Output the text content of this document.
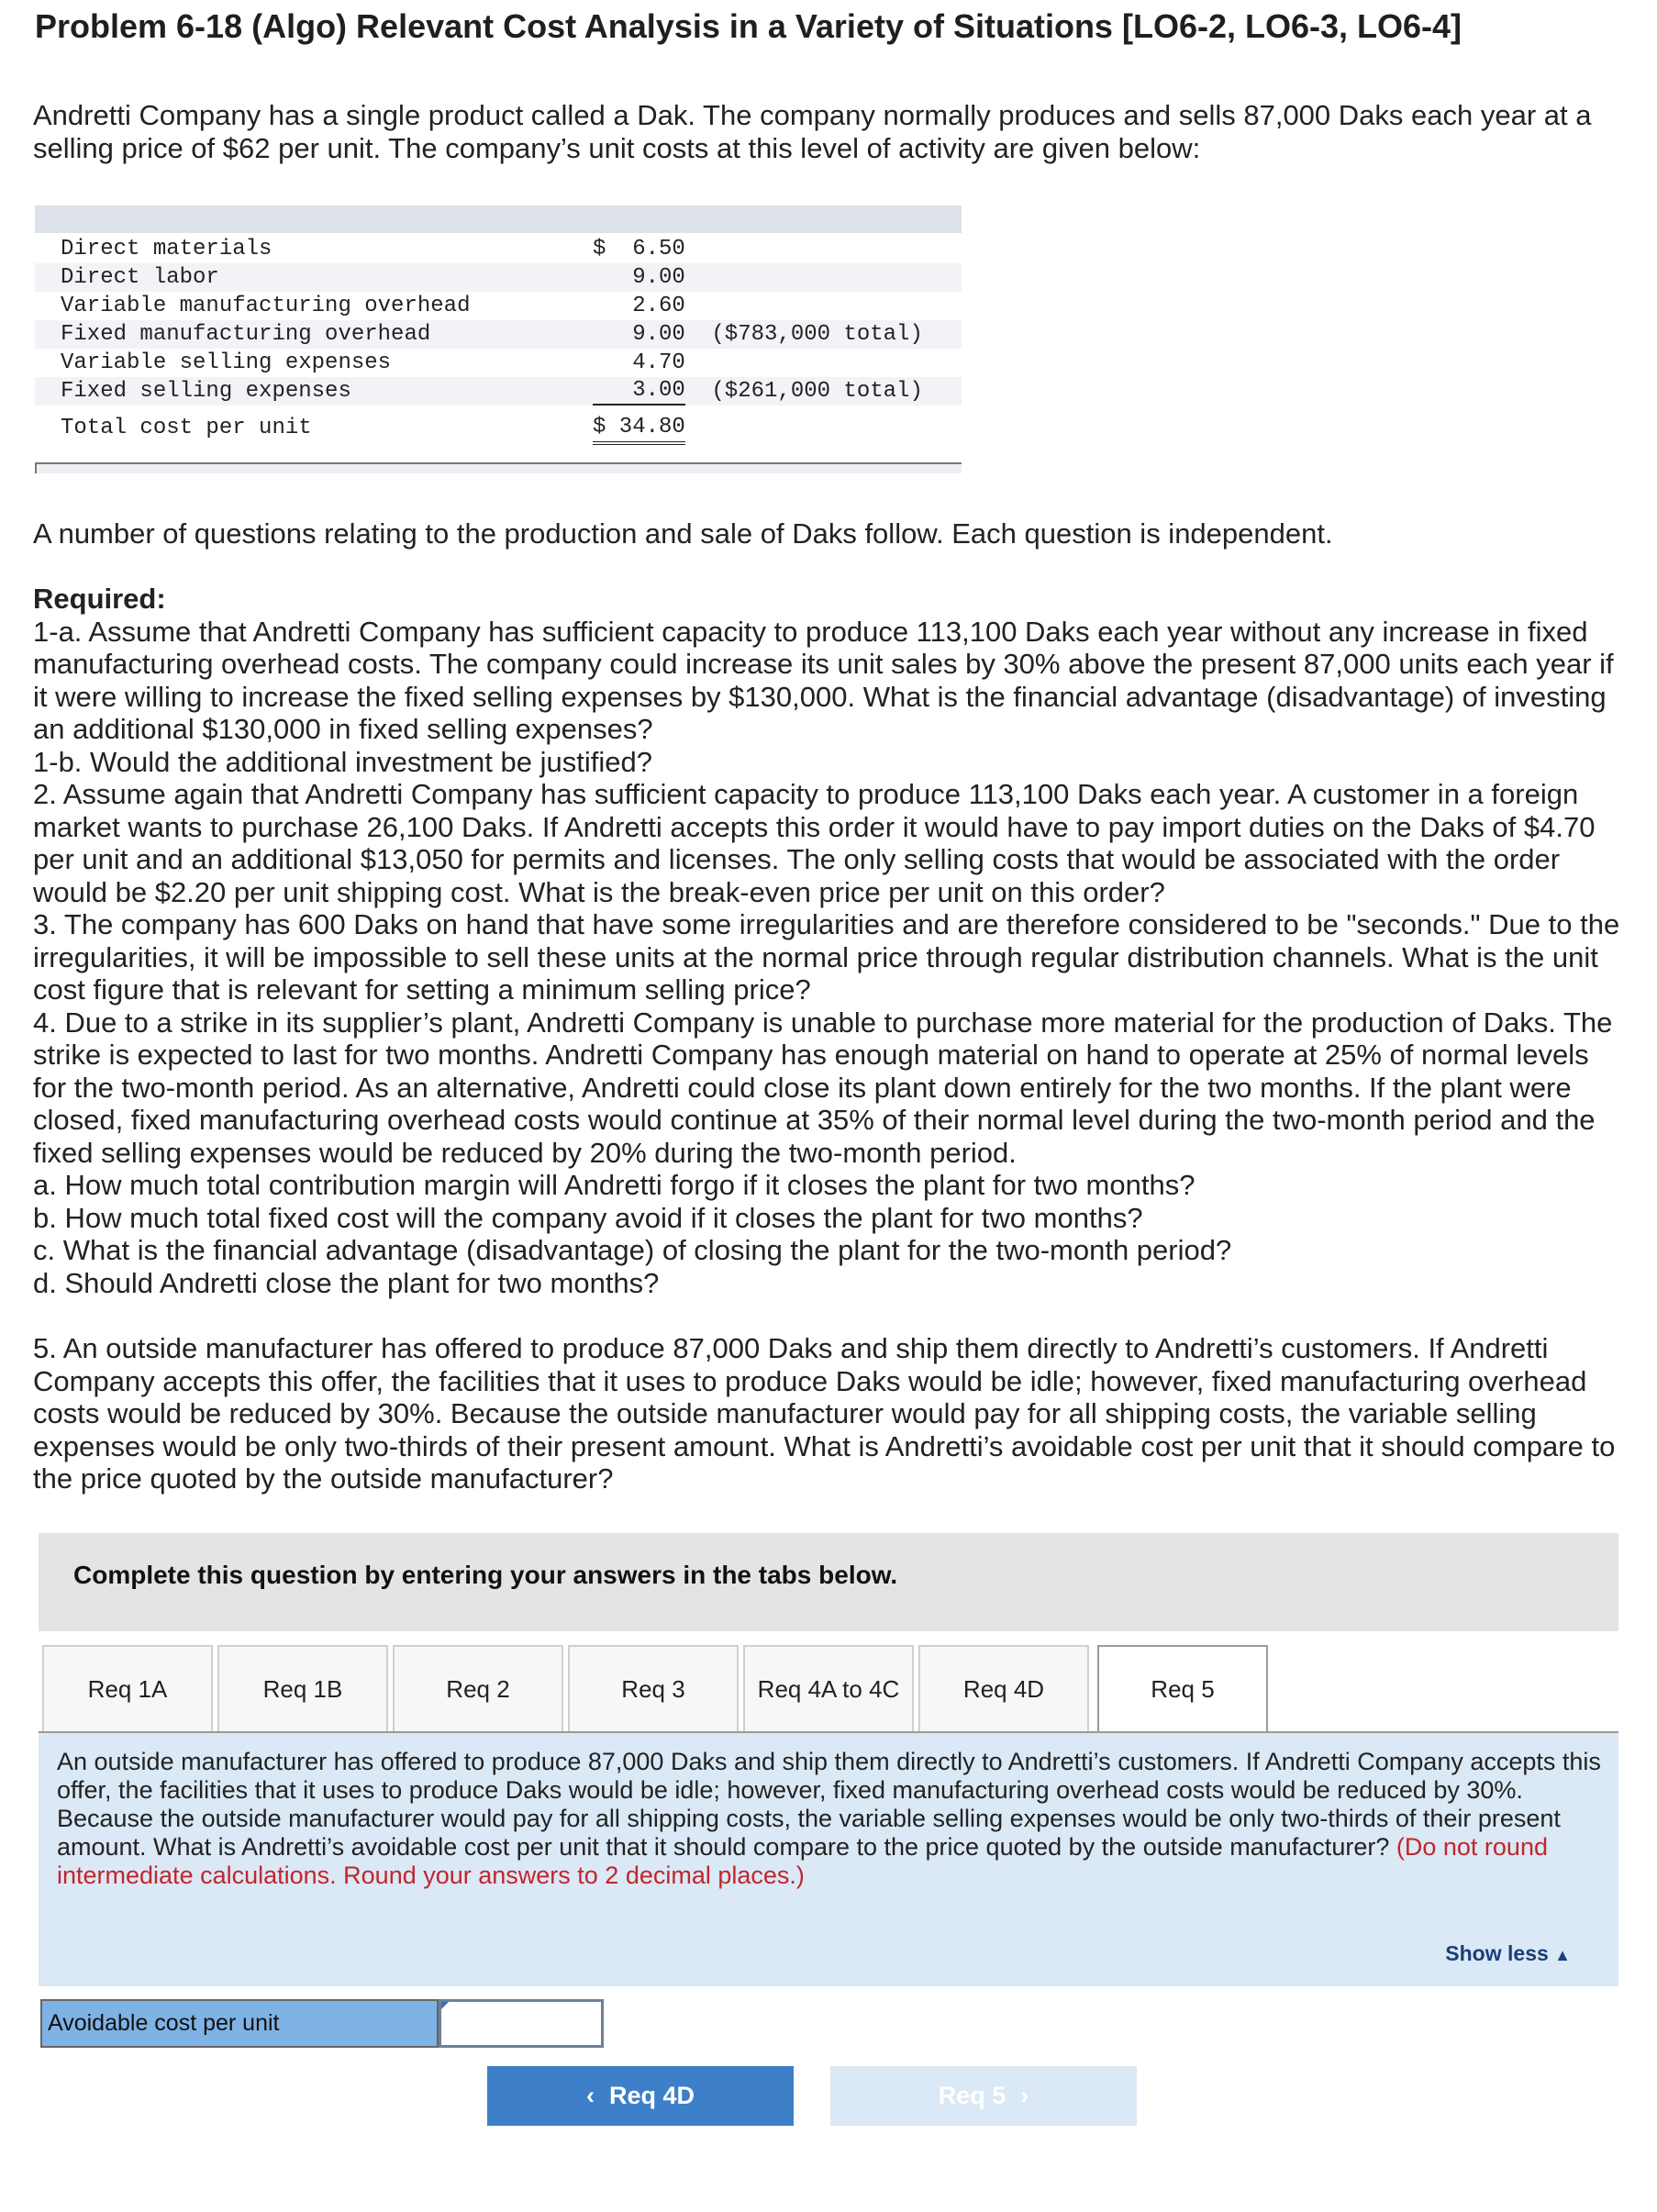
Problem 6-18 (Algo) Relevant Cost Analysis in a Variety of Situations [LO6-2, LO6-3, LO6-4]
Andretti Company has a single product called a Dak. The company normally produces and sells 87,000 Daks each year at a selling price of $62 per unit. The company’s unit costs at this level of activity are given below:
Direct materials	$  6.50
Direct labor	9.00
Variable manufacturing overhead	2.60
Fixed manufacturing overhead	9.00 ($783,000 total)
Variable selling expenses	4.70
Fixed selling expenses	3.00 ($261,000 total)
Total cost per unit	$ 34.80
A number of questions relating to the production and sale of Daks follow. Each question is independent.
Required:
1-a. Assume that Andretti Company has sufficient capacity to produce 113,100 Daks each year without any increase in fixed manufacturing overhead costs. The company could increase its unit sales by 30% above the present 87,000 units each year if it were willing to increase the fixed selling expenses by $130,000. What is the financial advantage (disadvantage) of investing an additional $130,000 in fixed selling expenses?
1-b. Would the additional investment be justified?
2. Assume again that Andretti Company has sufficient capacity to produce 113,100 Daks each year. A customer in a foreign market wants to purchase 26,100 Daks. If Andretti accepts this order it would have to pay import duties on the Daks of $4.70 per unit and an additional $13,050 for permits and licenses. The only selling costs that would be associated with the order would be $2.20 per unit shipping cost. What is the break-even price per unit on this order?
3. The company has 600 Daks on hand that have some irregularities and are therefore considered to be "seconds." Due to the irregularities, it will be impossible to sell these units at the normal price through regular distribution channels. What is the unit cost figure that is relevant for setting a minimum selling price?
4. Due to a strike in its supplier’s plant, Andretti Company is unable to purchase more material for the production of Daks. The strike is expected to last for two months. Andretti Company has enough material on hand to operate at 25% of normal levels for the two-month period. As an alternative, Andretti could close its plant down entirely for the two months. If the plant were closed, fixed manufacturing overhead costs would continue at 35% of their normal level during the two-month period and the fixed selling expenses would be reduced by 20% during the two-month period.
a. How much total contribution margin will Andretti forgo if it closes the plant for two months?
b. How much total fixed cost will the company avoid if it closes the plant for two months?
c. What is the financial advantage (disadvantage) of closing the plant for the two-month period?
d. Should Andretti close the plant for two months?
5. An outside manufacturer has offered to produce 87,000 Daks and ship them directly to Andretti’s customers. If Andretti Company accepts this offer, the facilities that it uses to produce Daks would be idle; however, fixed manufacturing overhead costs would be reduced by 30%. Because the outside manufacturer would pay for all shipping costs, the variable selling expenses would be only two-thirds of their present amount. What is Andretti’s avoidable cost per unit that it should compare to the price quoted by the outside manufacturer?
Complete this question by entering your answers in the tabs below.
Req 1A	Req 1B	Req 2	Req 3	Req 4A to 4C	Req 4D	Req 5
An outside manufacturer has offered to produce 87,000 Daks and ship them directly to Andretti’s customers. If Andretti Company accepts this offer, the facilities that it uses to produce Daks would be idle; however, fixed manufacturing overhead costs would be reduced by 30%. Because the outside manufacturer would pay for all shipping costs, the variable selling expenses would be only two-thirds of their present amount. What is Andretti’s avoidable cost per unit that it should compare to the price quoted by the outside manufacturer? (Do not round intermediate calculations. Round your answers to 2 decimal places.)
Show less ▲
Avoidable cost per unit
‹ Req 4D	Req 5 ›
